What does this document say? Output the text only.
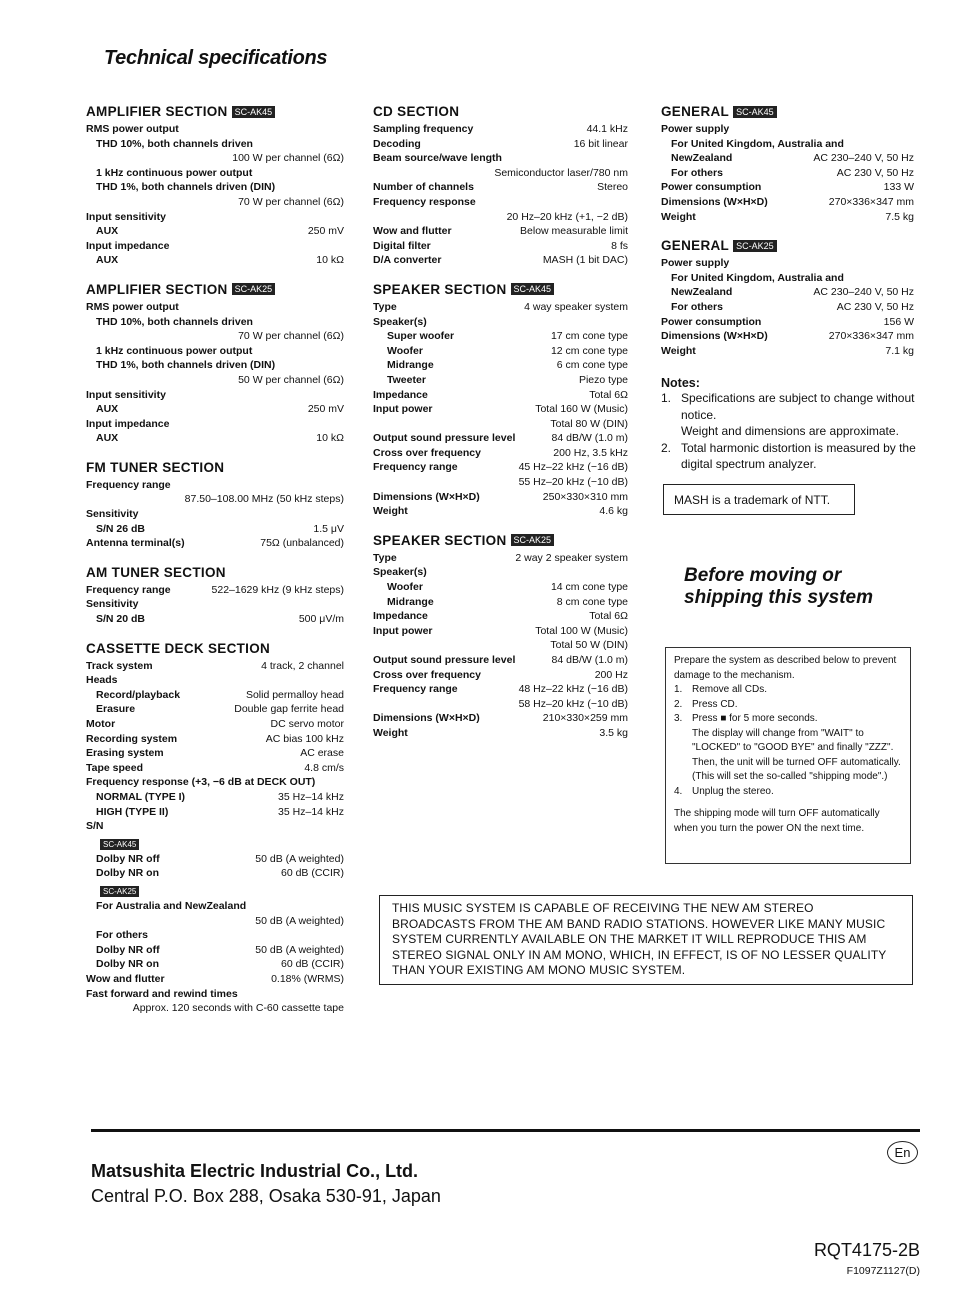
Technical specifications
AMPLIFIER SECTION SC-AK45
RMS power output
THD 10%, both channels driven
100 W per channel (6Ω)
1 kHz continuous power output
THD 1%, both channels driven (DIN)
70 W per channel (6Ω)
Input sensitivity
AUX	250 mV
Input impedance
AUX	10 kΩ
AMPLIFIER SECTION SC-AK25
RMS power output
THD 10%, both channels driven
70 W per channel (6Ω)
1 kHz continuous power output
THD 1%, both channels driven (DIN)
50 W per channel (6Ω)
Input sensitivity
AUX	250 mV
Input impedance
AUX	10 kΩ
FM TUNER SECTION
Frequency range
87.50–108.00 MHz (50 kHz steps)
Sensitivity
S/N 26 dB	1.5 μV
Antenna terminal(s)	75Ω (unbalanced)
AM TUNER SECTION
Frequency range	522–1629 kHz (9 kHz steps)
Sensitivity
S/N 20 dB	500 μV/m
CASSETTE DECK SECTION
Track system	4 track, 2 channel
Heads
Record/playback	Solid permalloy head
Erasure	Double gap ferrite head
Motor	DC servo motor
Recording system	AC bias 100 kHz
Erasing system	AC erase
Tape speed	4.8 cm/s
Frequency response (+3, −6 dB at DECK OUT)
NORMAL (TYPE I)	35 Hz–14 kHz
HIGH (TYPE II)	35 Hz–14 kHz
S/N
SC-AK45
Dolby NR off	50 dB (A weighted)
Dolby NR on	60 dB (CCIR)
SC-AK25
For Australia and NewZealand
50 dB (A weighted)
For others
Dolby NR off	50 dB (A weighted)
Dolby NR on	60 dB (CCIR)
Wow and flutter	0.18% (WRMS)
Fast forward and rewind times
Approx. 120 seconds with C-60 cassette tape
CD SECTION
Sampling frequency	44.1 kHz
Decoding	16 bit linear
Beam source/wave length
Semiconductor laser/780 nm
Number of channels	Stereo
Frequency response
20 Hz–20 kHz (+1, −2 dB)
Wow and flutter	Below measurable limit
Digital filter	8 fs
D/A converter	MASH (1 bit DAC)
SPEAKER SECTION SC-AK45
Type	4 way speaker system
Speaker(s)
Super woofer	17 cm cone type
Woofer	12 cm cone type
Midrange	6 cm cone type
Tweeter	Piezo type
Impedance	Total 6Ω
Input power	Total 160 W (Music)
Total 80 W (DIN)
Output sound pressure level	84 dB/W (1.0 m)
Cross over frequency	200 Hz, 3.5 kHz
Frequency range	45 Hz–22 kHz (−16 dB)
55 Hz–20 kHz (−10 dB)
Dimensions (W×H×D)	250×330×310 mm
Weight	4.6 kg
SPEAKER SECTION SC-AK25
Type	2 way 2 speaker system
Speaker(s)
Woofer	14 cm cone type
Midrange	8 cm cone type
Impedance	Total 6Ω
Input power	Total 100 W (Music)
Total 50 W (DIN)
Output sound pressure level	84 dB/W (1.0 m)
Cross over frequency	200 Hz
Frequency range	48 Hz–22 kHz (−16 dB)
58 Hz–20 kHz (−10 dB)
Dimensions (W×H×D)	210×330×259 mm
Weight	3.5 kg
GENERAL SC-AK45
Power supply
For United Kingdom, Australia and
NewZealand	AC 230–240 V, 50 Hz
For others	AC 230 V, 50 Hz
Power consumption	133 W
Dimensions (W×H×D)	270×336×347 mm
Weight	7.5 kg
GENERAL SC-AK25
Power supply
For United Kingdom, Australia and
NewZealand	AC 230–240 V, 50 Hz
For others	AC 230 V, 50 Hz
Power consumption	156 W
Dimensions (W×H×D)	270×336×347 mm
Weight	7.1 kg
Notes:
1. Specifications are subject to change without notice.
Weight and dimensions are approximate.
2. Total harmonic distortion is measured by the digital spectrum analyzer.
MASH is a trademark of NTT.
Before moving or
shipping this system
Prepare the system as described below to prevent damage to the mechanism.
1. Remove all CDs.
2. Press CD.
3. Press ■ for 5 more seconds.
The display will change from "WAIT" to "LOCKED" to "GOOD BYE" and finally "ZZZ". Then, the unit will be turned OFF automatically. (This will set the so-called "shipping mode".)
4. Unplug the stereo.
The shipping mode will turn OFF automatically when you turn the power ON the next time.
THIS MUSIC SYSTEM IS CAPABLE OF RECEIVING THE NEW AM STEREO BROADCASTS FROM THE AM BAND RADIO STATIONS. HOWEVER LIKE MANY MUSIC SYSTEM CURRENTLY AVAILABLE ON THE MARKET IT WILL REPRODUCE THIS AM STEREO SIGNAL ONLY IN AM MONO, WHICH, IN EFFECT, IS OF NO LESSER QUALITY THAN YOUR EXISTING AM MONO MUSIC SYSTEM.
Matsushita Electric Industrial Co., Ltd.
Central P.O. Box 288, Osaka 530-91, Japan
En
RQT4175-2B
F1097Z1127(D)
